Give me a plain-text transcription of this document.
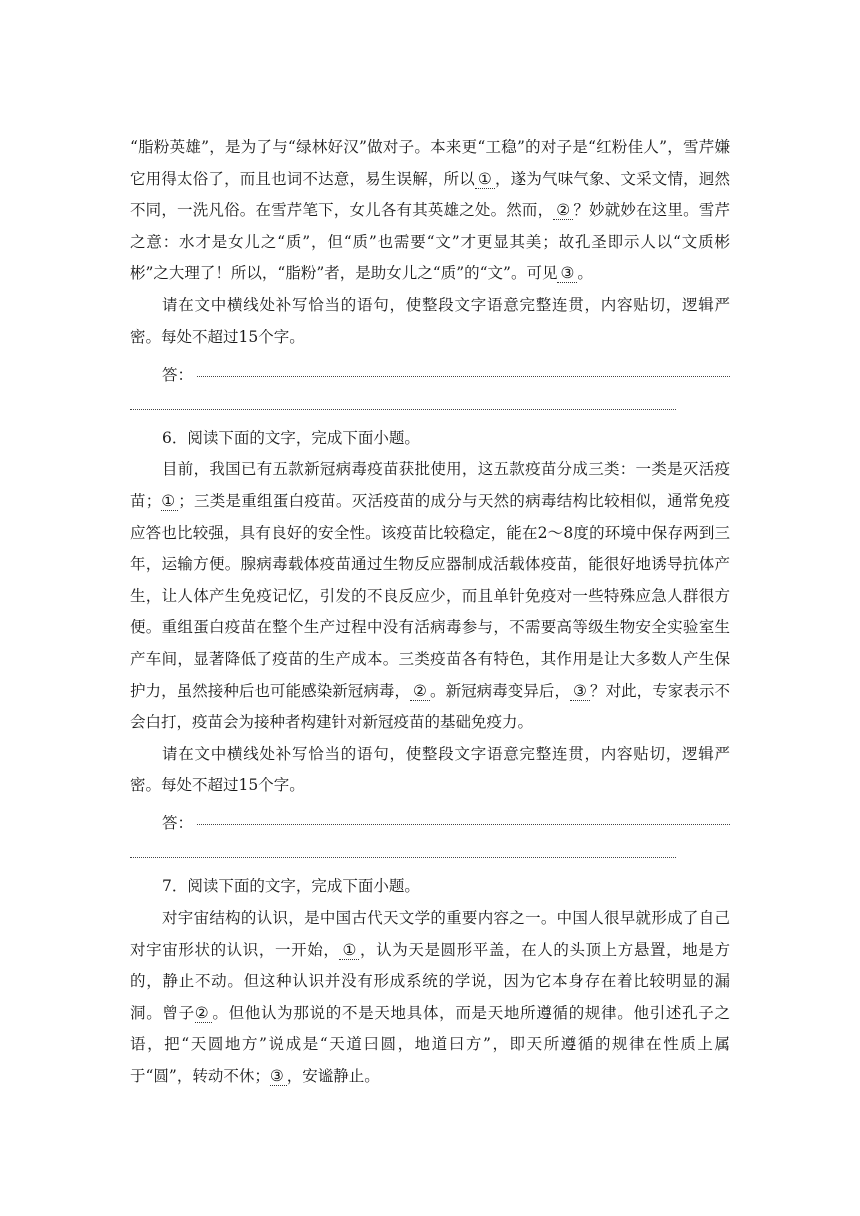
“脂粉英雄”，是为了与“绿林好汉”做对子。本来更“工稳”的对子是“红粉佳人”，雪芹嫌它用得太俗了，而且也词不达意，易生误解，所以 ① ，遂为气味气象、文采文情，迥然不同，一洗凡俗。在雪芹笔下，女儿各有其英雄之处。然而， ② ？妙就妙在这里。雪芹之意：水才是女儿之“质”，但“质”也需要“文”才更显其美；故孔圣即示人以“文质彬彬”之大理了！所以，“脂粉”者，是助女儿之“质”的“文”。可见 ③ 。

请在文中横线处补写恰当的语句，使整段文字语意完整连贯，内容贴切，逻辑严密。每处不超过15个字。

答：

6．阅读下面的文字，完成下面小题。

目前，我国已有五款新冠病毒疫苗获批使用，这五款疫苗分成三类：一类是灭活疫苗；① ；三类是重组蛋白疫苗。灭活疫苗的成分与天然的病毒结构比较相似，通常免疫应答也比较强，具有良好的安全性。该疫苗比较稳定，能在2～8度的环境中保存两到三年，运输方便。腺病毒载体疫苗通过生物反应器制成活载体疫苗，能很好地诱导抗体产生，让人体产生免疫记忆，引发的不良反应少，而且单针免疫对一些特殊应急人群很方便。重组蛋白疫苗在整个生产过程中没有活病毒参与，不需要高等级生物安全实验室生产车间，显著降低了疫苗的生产成本。三类疫苗各有特色，其作用是让大多数人产生保护力，虽然接种后也可能感染新冠病毒， ② 。新冠病毒变异后， ③ ？对此，专家表示不会白打，疫苗会为接种者构建针对新冠疫苗的基础免疫力。

请在文中横线处补写恰当的语句，使整段文字语意完整连贯，内容贴切，逻辑严密。每处不超过15个字。

答：

7．阅读下面的文字，完成下面小题。

对宇宙结构的认识，是中国古代天文学的重要内容之一。中国人很早就形成了自己对宇宙形状的认识，一开始， ① ，认为天是圆形平盖，在人的头顶上方悬置，地是方的，静止不动。但这种认识并没有形成系统的学说，因为它本身存在着比较明显的漏洞。曾子② 。但他认为那说的不是天地具体，而是天地所遵循的规律。他引述孔子之语，把“天圆地方”说成是“天道曰圆，地道曰方”，即天所遵循的规律在性质上属于“圆”，转动不休；③ ，安谧静止。
